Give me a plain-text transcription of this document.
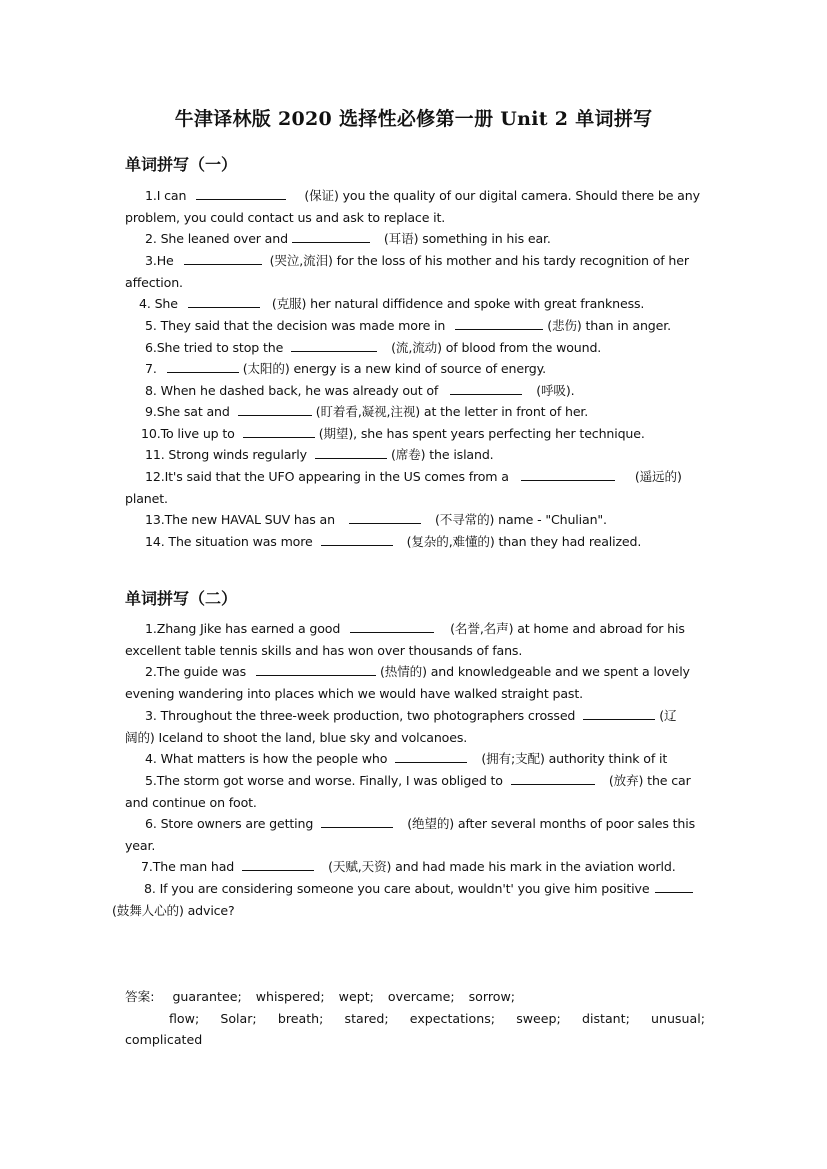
牛津译林版 2020 选择性必修第一册 Unit 2 单词拼写
单词拼写（一）
1.I can	(保证) you the quality of our digital camera. Should there be any
problem, you could contact us and ask to replace it.
2. She leaned over and	(耳语) something in his ear.
3.He	(哭泣,流泪) for the loss of his mother and his tardy recognition of her
affection.
4. She	(克服) her natural diffidence and spoke with great frankness.
5. They said that the decision was made more in	(悲伤) than in anger.
6.She tried to stop the	(流,流动) of blood from the wound.
7.	(太阳的) energy is a new kind of source of energy.
8. When he dashed back, he was already out of	(呼吸).
9.She sat and	(盯着看,凝视,注视) at the letter in front of her.
10.To live up to	(期望), she has spent years perfecting her technique.
11. Strong winds regularly	(席卷) the island.
12.It's said that the UFO appearing in the US comes from a	(遥远的)
planet.
13.The new HAVAL SUV has an	(不寻常的) name - "Chulian".
14. The situation was more	(复杂的,难懂的) than they had realized.
单词拼写（二）
1.Zhang Jike has earned a good	(名誉,名声) at home and abroad for his
excellent table tennis skills and has won over thousands of fans.
2.The guide was	(热情的) and knowledgeable and we spent a lovely
evening wandering into places which we would have walked straight past.
3. Throughout the three-week production, two photographers crossed	(辽
阔的) Iceland to shoot the land, blue sky and volcanoes.
4. What matters is how the people who	(拥有;支配) authority think of it
5.The storm got worse and worse. Finally, I was obliged to	(放弃) the car
and continue on foot.
6. Store owners are getting	(绝望的) after several months of poor sales this
year.
7.The man had	(天赋,天资) and had made his mark in the aviation world.
8. If you are considering someone you care about, wouldn't' you give him positive
(鼓舞人心的) advice?
答案: guarantee; whispered; wept; overcame; sorrow;
flow; Solar; breath; stared; expectations; sweep; distant; unusual;
complicated
